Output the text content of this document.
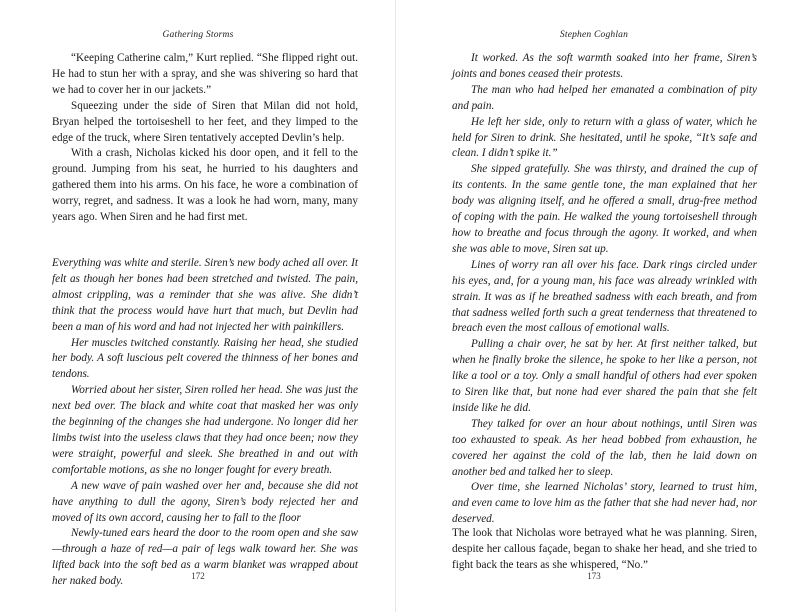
Gathering Storms

“Keeping Catherine calm,” Kurt replied. “She flipped right out. He had to stun her with a spray, and she was shivering so hard that we had to cover her in our jackets.”

Squeezing under the side of Siren that Milan did not hold, Bryan helped the tortoiseshell to her feet, and they limped to the edge of the truck, where Siren tentatively accepted Devlin’s help.

With a crash, Nicholas kicked his door open, and it fell to the ground. Jumping from his seat, he hurried to his daughters and gathered them into his arms. On his face, he wore a combination of worry, regret, and sadness. It was a look he had worn, many, many years ago. When Siren and he had first met.

Everything was white and sterile. Siren’s new body ached all over. It felt as though her bones had been stretched and twisted. The pain, almost crippling, was a reminder that she was alive. She didn’t think that the process would have hurt that much, but Devlin had been a man of his word and had not injected her with painkillers.

Her muscles twitched constantly. Raising her head, she studied her body. A soft luscious pelt covered the thinness of her bones and tendons.

Worried about her sister, Siren rolled her head. She was just the next bed over. The black and white coat that masked her was only the beginning of the changes she had undergone. No longer did her limbs twist into the useless claws that they had once been; now they were straight, powerful and sleek. She breathed in and out with comfortable motions, as she no longer fought for every breath.

A new wave of pain washed over her and, because she did not have anything to dull the agony, Siren’s body rejected her and moved of its own accord, causing her to fall to the floor

Newly-tuned ears heard the door to the room open and she saw—through a haze of red—a pair of legs walk toward her. She was lifted back into the soft bed as a warm blanket was wrapped about her naked body.	172
Stephen Coghlan

It worked. As the soft warmth soaked into her frame, Siren’s joints and bones ceased their protests.

The man who had helped her emanated a combination of pity and pain.

He left her side, only to return with a glass of water, which he held for Siren to drink. She hesitated, until he spoke, “It’s safe and clean. I didn’t spike it.”

She sipped gratefully. She was thirsty, and drained the cup of its contents. In the same gentle tone, the man explained that her body was aligning itself, and he offered a small, drug-free method of coping with the pain. He walked the young tortoiseshell through how to breathe and focus through the agony. It worked, and when she was able to move, Siren sat up.

Lines of worry ran all over his face. Dark rings circled under his eyes, and, for a young man, his face was already wrinkled with strain. It was as if he breathed sadness with each breath, and from that sadness welled forth such a great tenderness that threatened to breach even the most callous of emotional walls.

Pulling a chair over, he sat by her. At first neither talked, but when he finally broke the silence, he spoke to her like a person, not like a tool or a toy. Only a small handful of others had ever spoken to Siren like that, but none had ever shared the pain that she felt inside like he did.

They talked for over an hour about nothings, until Siren was too exhausted to speak. As her head bobbed from exhaustion, he covered her against the cold of the lab, then he laid down on another bed and talked her to sleep.

Over time, she learned Nicholas’ story, learned to trust him, and even came to love him as the father that she had never had, nor deserved.

The look that Nicholas wore betrayed what he was planning. Siren, despite her callous façade, began to shake her head, and she tried to fight back the tears as she whispered, “No.”

173
